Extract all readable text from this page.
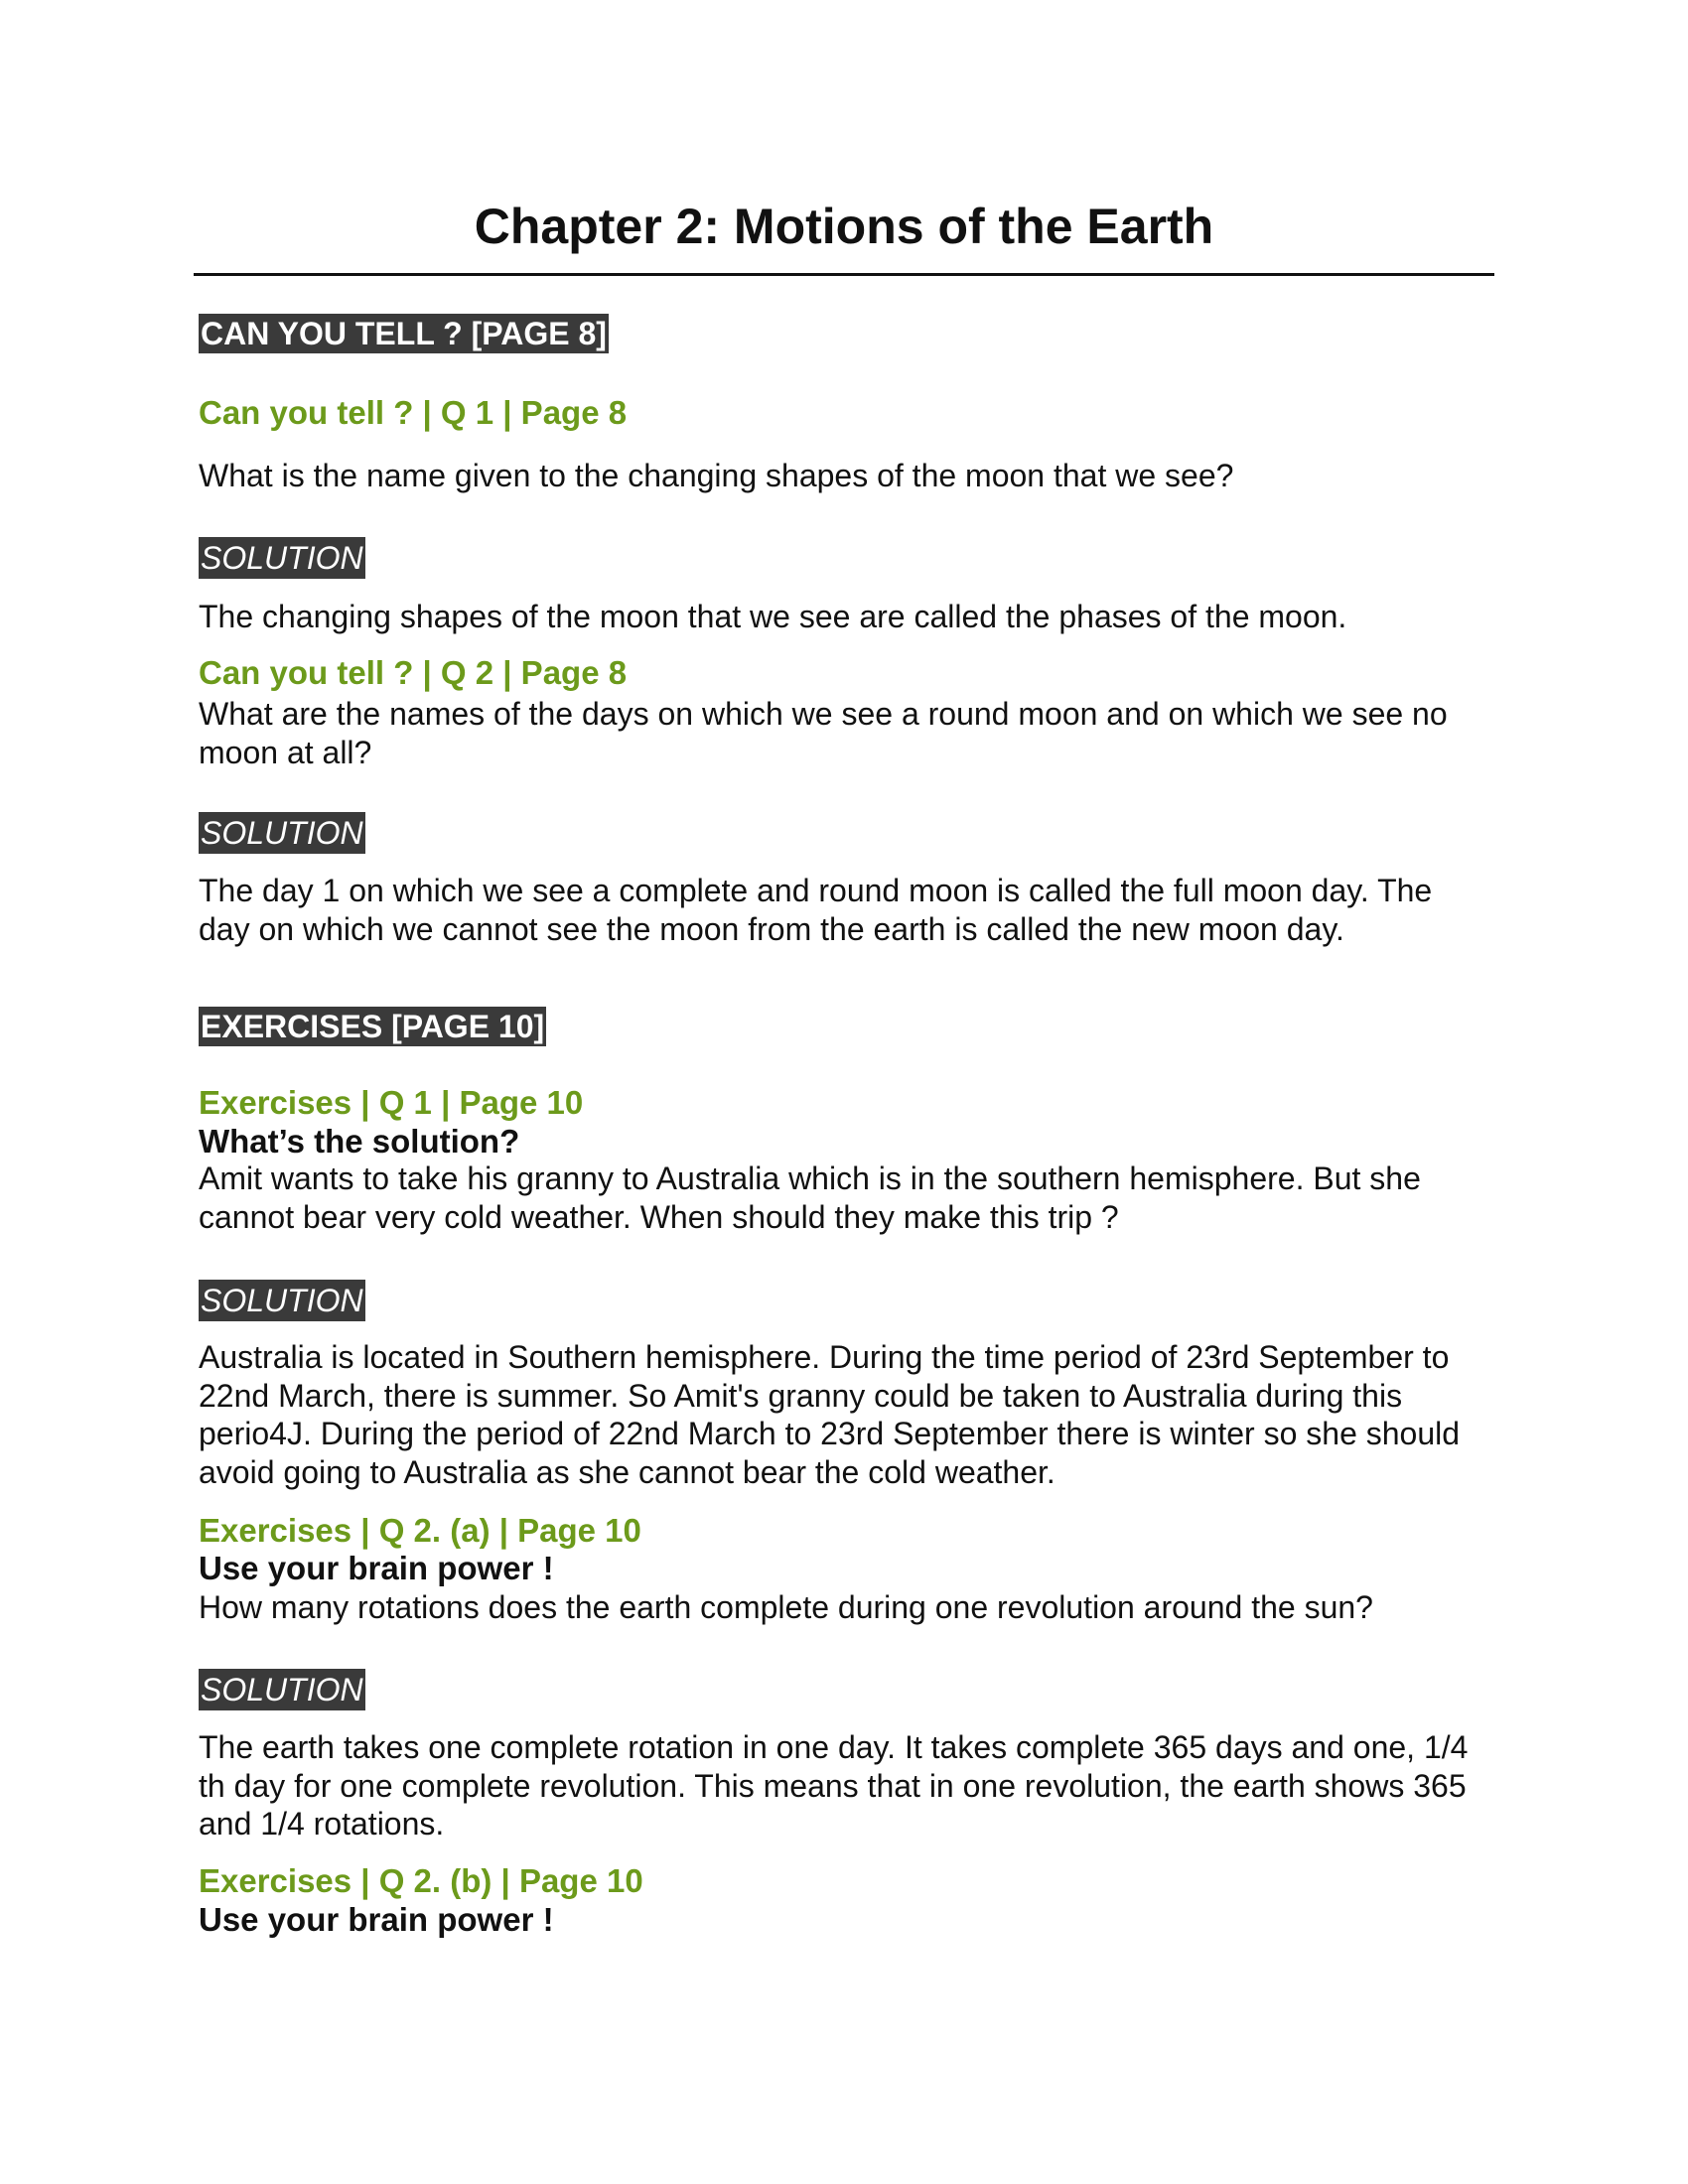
Chapter 2: Motions of the Earth
CAN YOU TELL ? [PAGE 8]
Can you tell ? | Q 1 | Page 8

What is the name given to the changing shapes of the moon that we see?

SOLUTION

The changing shapes of the moon that we see are called the phases of the moon.

Can you tell ? | Q 2 | Page 8

What are the names of the days on which we see a round moon and on which we see no moon at all?

SOLUTION

The day 1 on which we see a complete and round moon is called the full moon day. The day on which we cannot see the moon from the earth is called the new moon day.

EXERCISES [PAGE 10]
Exercises | Q 1 | Page 10
What’s the solution?

Amit wants to take his granny to Australia which is in the southern hemisphere. But she cannot bear very cold weather. When should they make this trip ?

SOLUTION

Australia is located in Southern hemisphere. During the time period of 23rd September to 22nd March, there is summer. So Amit's granny could be taken to Australia during this perio4J. During the period of 22nd March to 23rd September there is winter so she should avoid going to Australia as she cannot bear the cold weather.

Exercises | Q 2. (a) | Page 10
Use your brain power !

How many rotations does the earth complete during one revolution around the sun?

SOLUTION

The earth takes one complete rotation in one day. It takes complete 365 days and one, 1/4 th day for one complete revolution. This means that in one revolution, the earth shows 365 and 1/4 rotations.

Exercises | Q 2. (b) | Page 10
Use your brain power !
